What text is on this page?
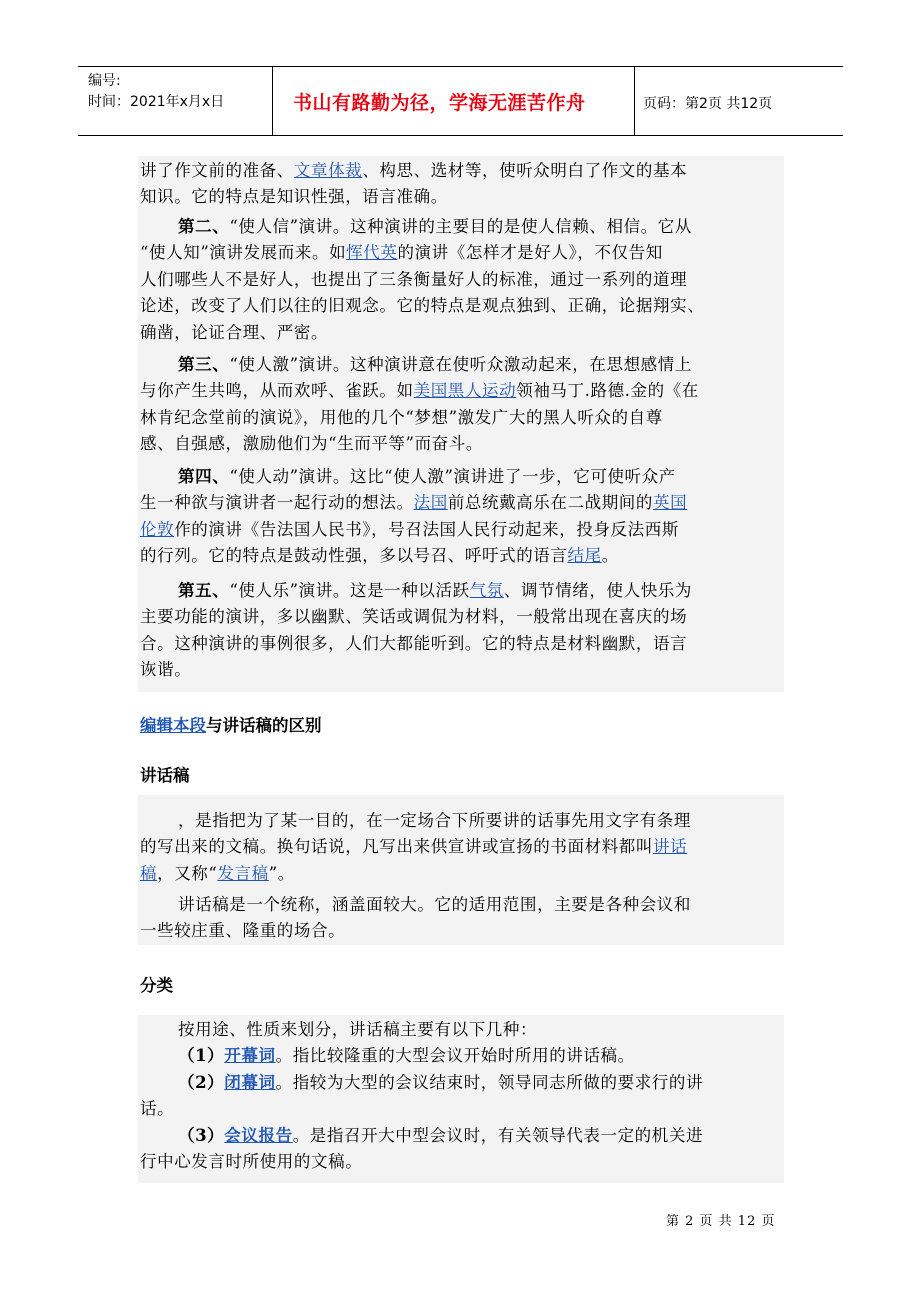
编号:
时间：2021年x月x日	书山有路勤为径，学海无涯苦作舟	页码：第2页 共12页
讲了作文前的准备、文章体裁、构思、选材等，使听众明白了作文的基本
知识。它的特点是知识性强，语言准确。
第二、“使人信”演讲。这种演讲的主要目的是使人信赖、相信。它从
“使人知”演讲发展而来。如恽代英的演讲《怎样才是好人》，不仅告知
人们哪些人不是好人，也提出了三条衡量好人的标准，通过一系列的道理
论述，改变了人们以往的旧观念。它的特点是观点独到、正确，论据翔实、
确凿，论证合理、严密。
第三、“使人激”演讲。这种演讲意在使听众激动起来，在思想感情上
与你产生共鸣，从而欢呼、雀跃。如美国黑人运动领袖马丁.路德.金的《在
林肯纪念堂前的演说》，用他的几个“梦想”激发广大的黑人听众的自尊
感、自强感，激励他们为“生而平等”而奋斗。
第四、“使人动”演讲。这比“使人激”演讲进了一步，它可使听众产
生一种欲与演讲者一起行动的想法。法国前总统戴高乐在二战期间的英国
伦敦作的演讲《告法国人民书》，号召法国人民行动起来，投身反法西斯
的行列。它的特点是鼓动性强，多以号召、呼吁式的语言结尾。
第五、“使人乐”演讲。这是一种以活跃气氛、调节情绪，使人快乐为
主要功能的演讲，多以幽默、笑话或调侃为材料，一般常出现在喜庆的场
合。这种演讲的事例很多，人们大都能听到。它的特点是材料幽默，语言
诙谐。
编辑本段与讲话稿的区别
讲话稿
，是指把为了某一目的，在一定场合下所要讲的话事先用文字有条理
的写出来的文稿。换句话说，凡写出来供宣讲或宣扬的书面材料都叫讲话
稿，又称“发言稿”。
讲话稿是一个统称，涵盖面较大。它的适用范围，主要是各种会议和
一些较庄重、隆重的场合。
分类
按用途、性质来划分，讲话稿主要有以下几种：
（1）开幕词。指比较隆重的大型会议开始时所用的讲话稿。
（2）闭幕词。指较为大型的会议结束时，领导同志所做的要求行的讲
话。
（3）会议报告。是指召开大中型会议时，有关领导代表一定的机关进
行中心发言时所使用的文稿。
第 2 页 共 12 页
